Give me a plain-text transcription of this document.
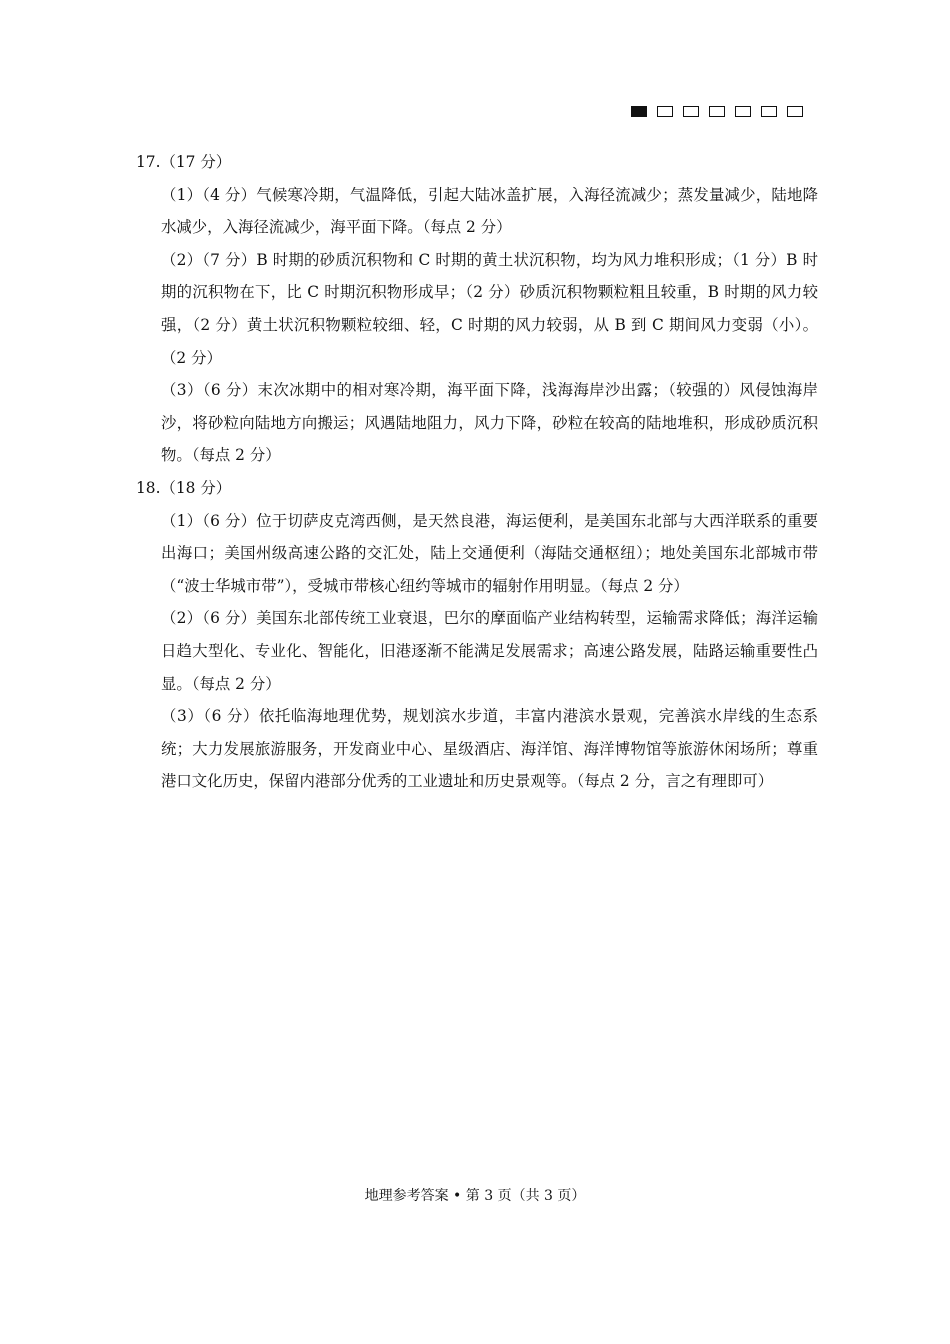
17.（17 分）

（1）（4 分）气候寒冷期，气温降低，引起大陆冰盖扩展，入海径流减少；蒸发量减少，陆地降水减少，入海径流减少，海平面下降。（每点 2 分）

（2）（7 分）B 时期的砂质沉积物和 C 时期的黄土状沉积物，均为风力堆积形成；（1 分）B 时期的沉积物在下，比 C 时期沉积物形成早；（2 分）砂质沉积物颗粒粗且较重，B 时期的风力较强，（2 分）黄土状沉积物颗粒较细、轻，C 时期的风力较弱，从 B 到 C 期间风力变弱（小）。（2 分）

（3）（6 分）末次冰期中的相对寒冷期，海平面下降，浅海海岸沙出露；（较强的）风侵蚀海岸沙，将砂粒向陆地方向搬运；风遇陆地阻力，风力下降，砂粒在较高的陆地堆积，形成砂质沉积物。（每点 2 分）

18.（18 分）

（1）（6 分）位于切萨皮克湾西侧，是天然良港，海运便利，是美国东北部与大西洋联系的重要出海口；美国州级高速公路的交汇处，陆上交通便利（海陆交通枢纽）；地处美国东北部城市带（“波士华城市带”），受城市带核心纽约等城市的辐射作用明显。（每点 2 分）

（2）（6 分）美国东北部传统工业衰退，巴尔的摩面临产业结构转型，运输需求降低；海洋运输日趋大型化、专业化、智能化，旧港逐渐不能满足发展需求；高速公路发展，陆路运输重要性凸显。（每点 2 分）

（3）（6 分）依托临海地理优势，规划滨水步道，丰富内港滨水景观，完善滨水岸线的生态系统；大力发展旅游服务，开发商业中心、星级酒店、海洋馆、海洋博物馆等旅游休闲场所；尊重港口文化历史，保留内港部分优秀的工业遗址和历史景观等。（每点 2 分，言之有理即可）

地理参考答案 • 第 3 页（共 3 页）
